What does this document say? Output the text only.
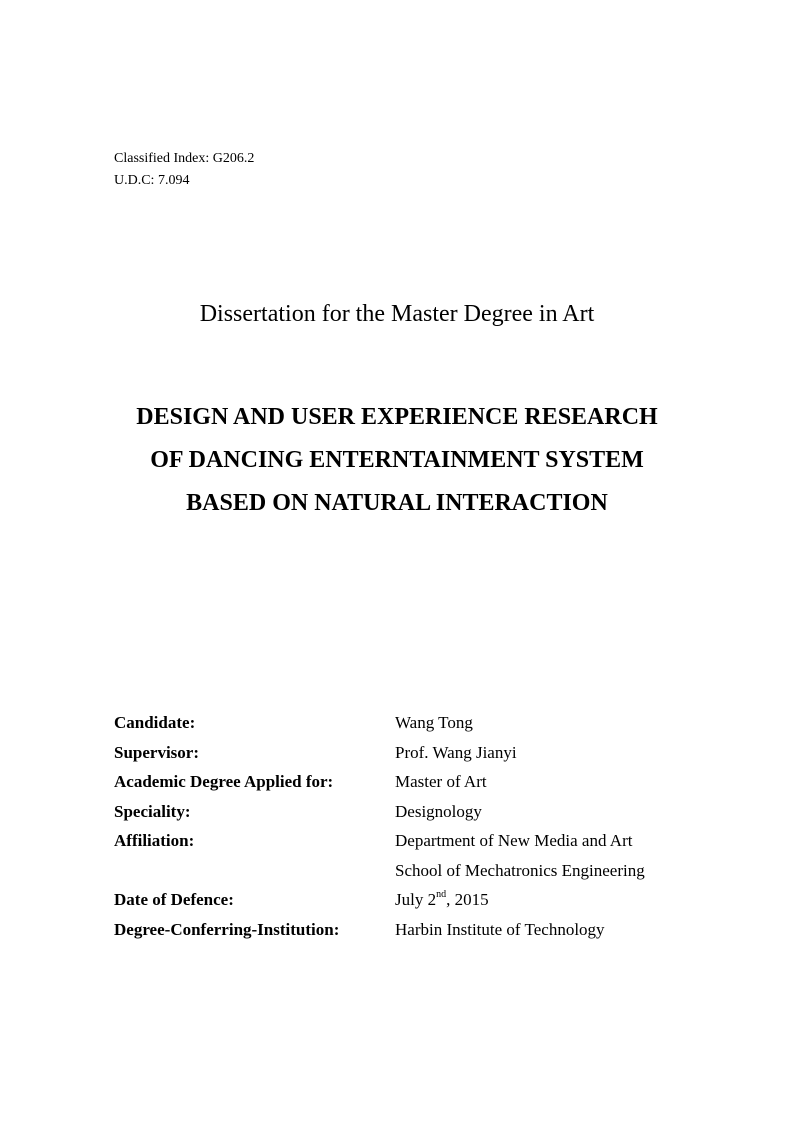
Classified Index: G206.2
U.D.C: 7.094
Dissertation for the Master Degree in Art
DESIGN AND USER EXPERIENCE RESEARCH
OF DANCING ENTERNTAINMENT SYSTEM
BASED ON NATURAL INTERACTION
Candidate:	Wang Tong
Supervisor:	Prof. Wang Jianyi
Academic Degree Applied for:	Master of Art
Speciality:	Designology
Affiliation:	Department of New Media and Art
School of Mechatronics Engineering
Date of Defence:	July 2nd, 2015
Degree-Conferring-Institution:	Harbin Institute of Technology
